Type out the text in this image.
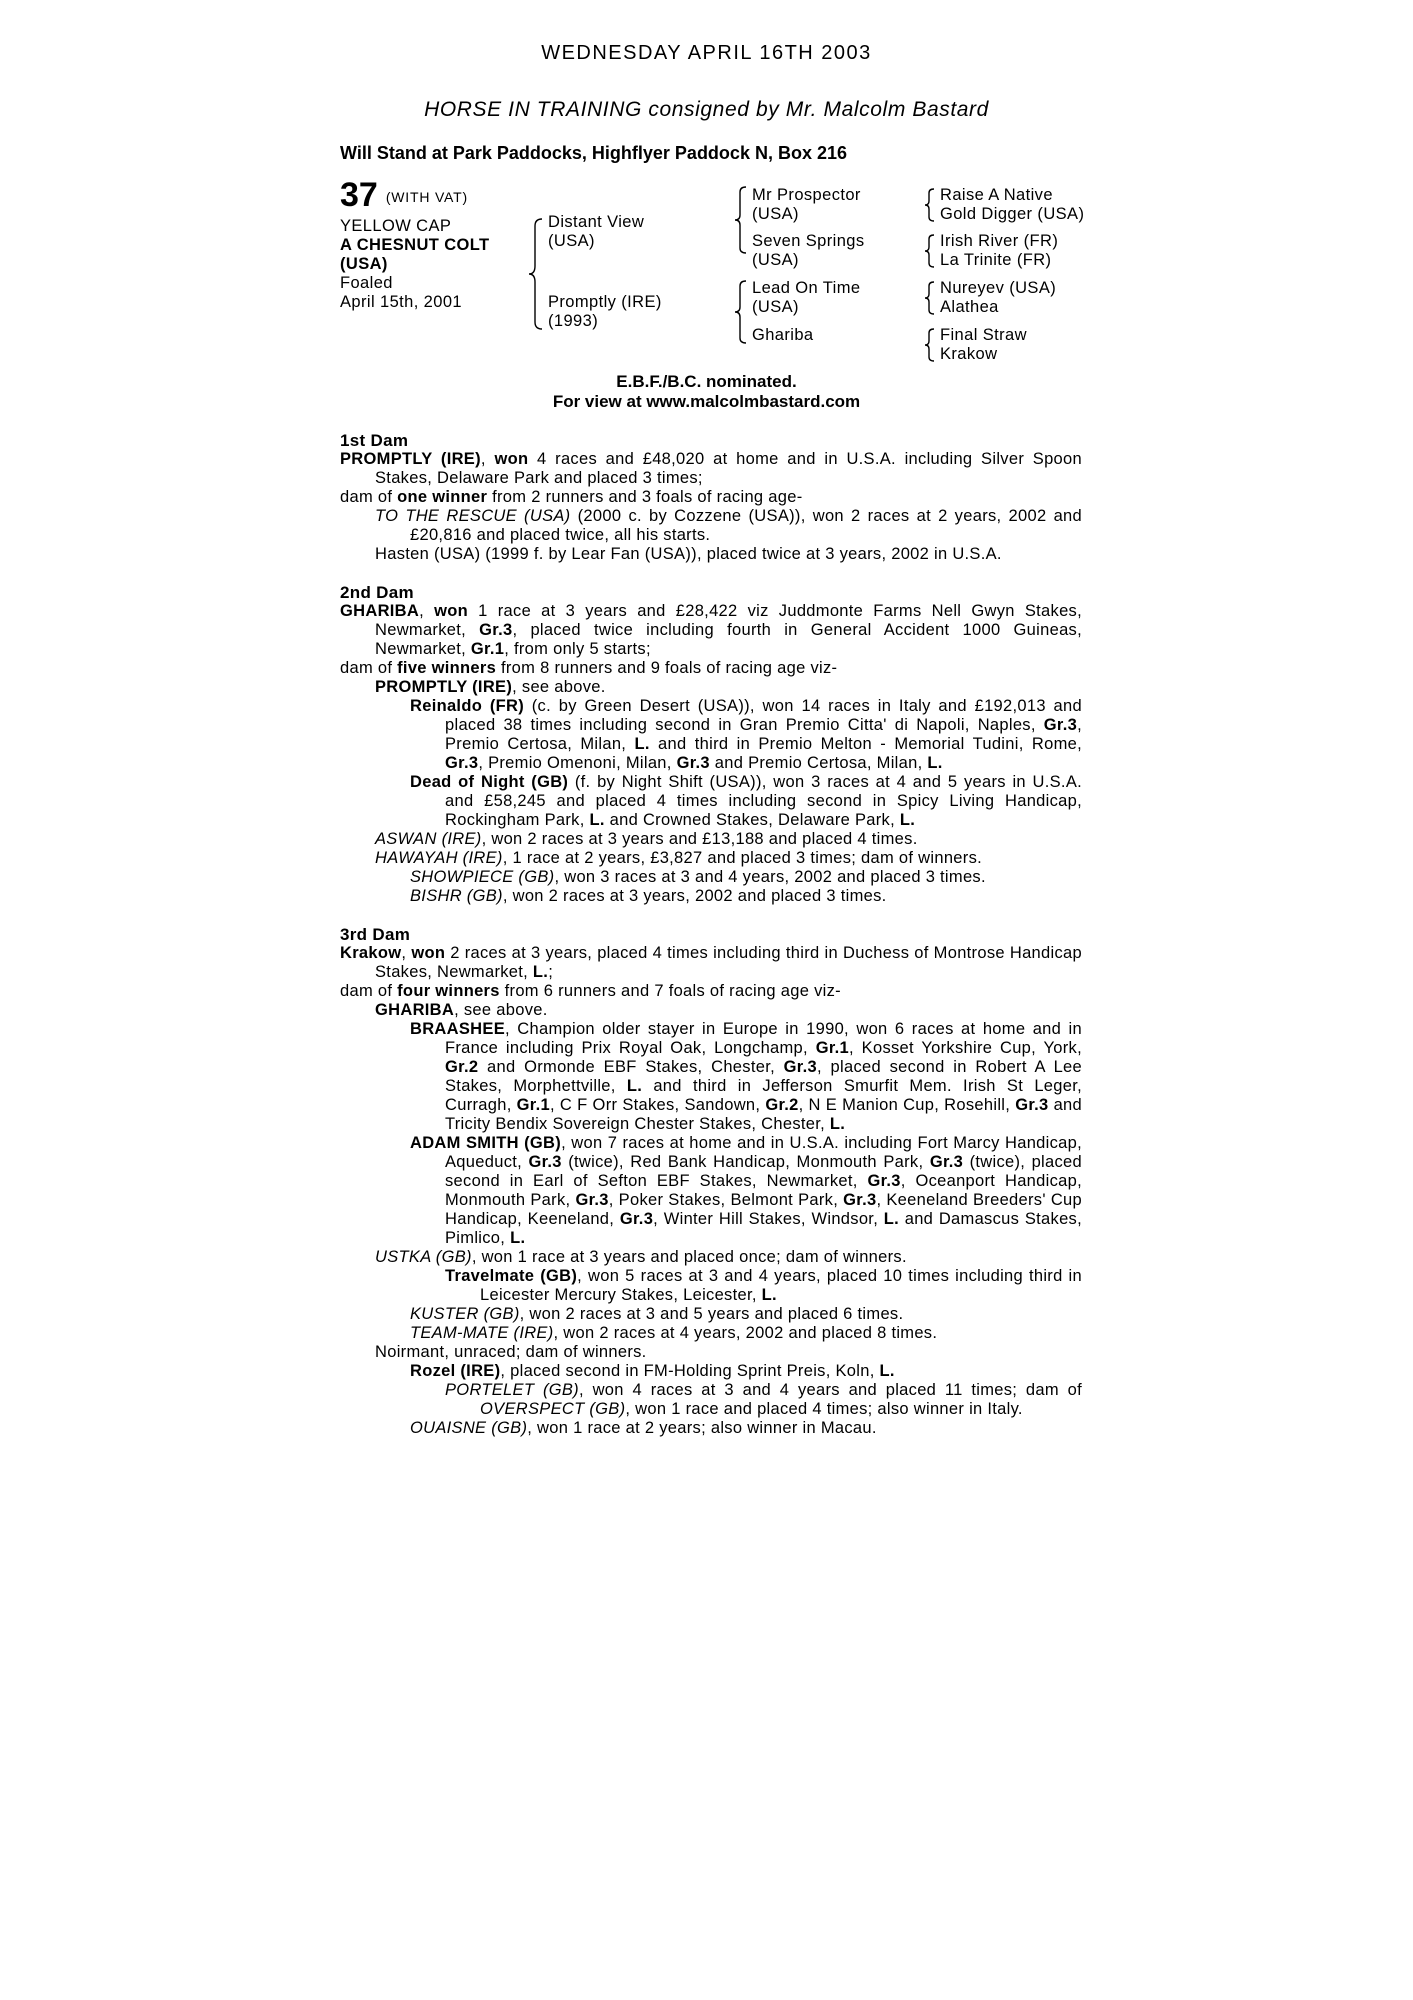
WEDNESDAY APRIL 16TH 2003
HORSE IN TRAINING consigned by Mr. Malcolm Bastard
Will Stand at Park Paddocks, Highflyer Paddock N, Box 216
37 $^{(WITH VAT)}$
YELLOW CAP
A CHESNUT COLT
(USA)
Foaled
April 15th, 2001
Distant View
(USA)
Promptly (IRE)
(1993)
Mr Prospector
(USA)
Seven Springs
(USA)
Lead On Time
(USA)
Ghariba
Raise A Native
Gold Digger (USA)
Irish River (FR)
La Trinite (FR)
Nureyev (USA)
Alathea
Final Straw
Krakow
E.B.F./B.C. nominated.
For view at www.malcolmbastard.com
1st Dam
PROMPTLY (IRE), won 4 races and £48,020 at home and in U.S.A. including Silver Spoon Stakes, Delaware Park and placed 3 times;
dam of one winner from 2 runners and 3 foals of racing age-
TO THE RESCUE (USA) (2000 c. by Cozzene (USA)), won 2 races at 2 years, 2002 and £20,816 and placed twice, all his starts.
Hasten (USA) (1999 f. by Lear Fan (USA)), placed twice at 3 years, 2002 in U.S.A.
2nd Dam
GHARIBA, won 1 race at 3 years and £28,422 viz Juddmonte Farms Nell Gwyn Stakes, Newmarket, Gr.3, placed twice including fourth in General Accident 1000 Guineas, Newmarket, Gr.1, from only 5 starts;
dam of five winners from 8 runners and 9 foals of racing age viz-
PROMPTLY (IRE), see above.
Reinaldo (FR) (c. by Green Desert (USA)), won 14 races in Italy and £192,013 and placed 38 times including second in Gran Premio Citta' di Napoli, Naples, Gr.3, Premio Certosa, Milan, L. and third in Premio Melton - Memorial Tudini, Rome, Gr.3, Premio Omenoni, Milan, Gr.3 and Premio Certosa, Milan, L.
Dead of Night (GB) (f. by Night Shift (USA)), won 3 races at 4 and 5 years in U.S.A. and £58,245 and placed 4 times including second in Spicy Living Handicap, Rockingham Park, L. and Crowned Stakes, Delaware Park, L.
ASWAN (IRE), won 2 races at 3 years and £13,188 and placed 4 times.
HAWAYAH (IRE), 1 race at 2 years, £3,827 and placed 3 times; dam of winners.
SHOWPIECE (GB), won 3 races at 3 and 4 years, 2002 and placed 3 times.
BISHR (GB), won 2 races at 3 years, 2002 and placed 3 times.
3rd Dam
Krakow, won 2 races at 3 years, placed 4 times including third in Duchess of Montrose Handicap Stakes, Newmarket, L.;
dam of four winners from 6 runners and 7 foals of racing age viz-
GHARIBA, see above.
BRAASHEE, Champion older stayer in Europe in 1990, won 6 races at home and in France including Prix Royal Oak, Longchamp, Gr.1, Kosset Yorkshire Cup, York, Gr.2 and Ormonde EBF Stakes, Chester, Gr.3, placed second in Robert A Lee Stakes, Morphettville, L. and third in Jefferson Smurfit Mem. Irish St Leger, Curragh, Gr.1, C F Orr Stakes, Sandown, Gr.2, N E Manion Cup, Rosehill, Gr.3 and Tricity Bendix Sovereign Chester Stakes, Chester, L.
ADAM SMITH (GB), won 7 races at home and in U.S.A. including Fort Marcy Handicap, Aqueduct, Gr.3 (twice), Red Bank Handicap, Monmouth Park, Gr.3 (twice), placed second in Earl of Sefton EBF Stakes, Newmarket, Gr.3, Oceanport Handicap, Monmouth Park, Gr.3, Poker Stakes, Belmont Park, Gr.3, Keeneland Breeders' Cup Handicap, Keeneland, Gr.3, Winter Hill Stakes, Windsor, L. and Damascus Stakes, Pimlico, L.
USTKA (GB), won 1 race at 3 years and placed once; dam of winners.
Travelmate (GB), won 5 races at 3 and 4 years, placed 10 times including third in Leicester Mercury Stakes, Leicester, L.
KUSTER (GB), won 2 races at 3 and 5 years and placed 6 times.
TEAM-MATE (IRE), won 2 races at 4 years, 2002 and placed 8 times.
Noirmant, unraced; dam of winners.
Rozel (IRE), placed second in FM-Holding Sprint Preis, Koln, L.
PORTELET (GB), won 4 races at 3 and 4 years and placed 11 times; dam of OVERSPECT (GB), won 1 race and placed 4 times; also winner in Italy.
OUAISNE (GB), won 1 race at 2 years; also winner in Macau.
